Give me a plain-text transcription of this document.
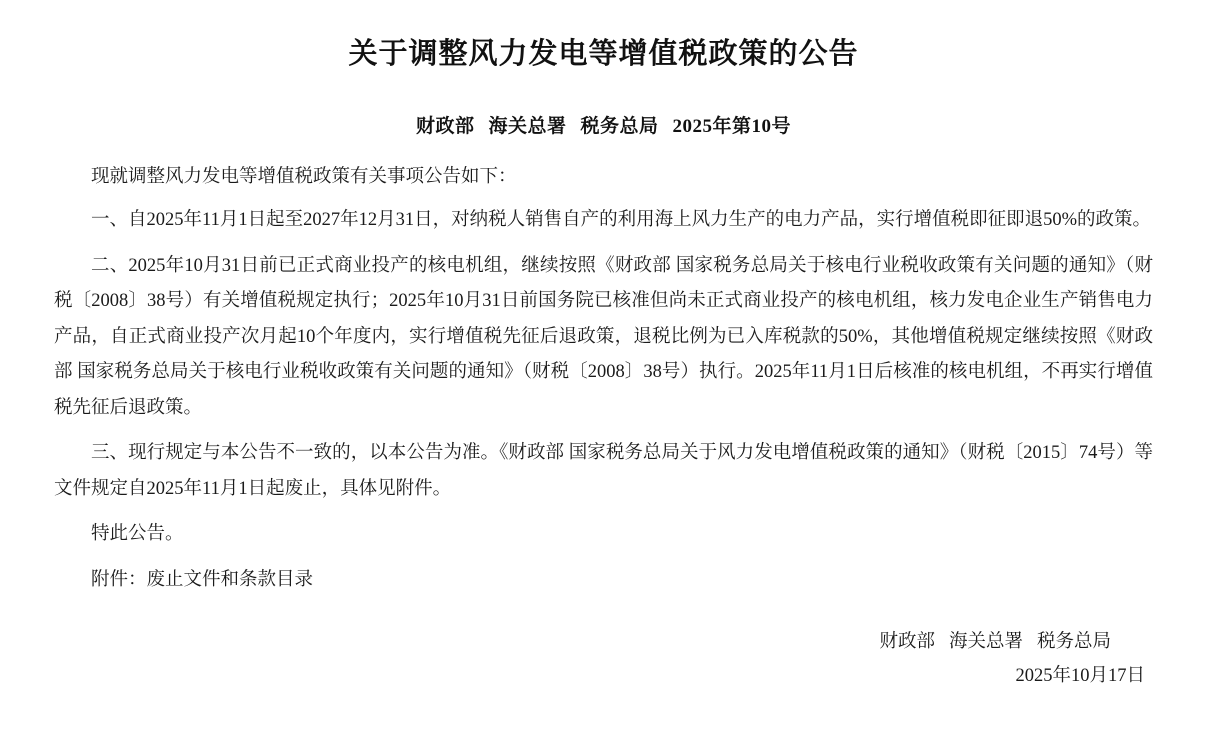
关于调整风力发电等增值税政策的公告
财政部 海关总署 税务总局 2025年第10号

现就调整风力发电等增值税政策有关事项公告如下：

一、自2025年11月1日起至2027年12月31日，对纳税人销售自产的利用海上风力生产的电力产品，实行增值税即征即退50%的政策。

二、2025年10月31日前已正式商业投产的核电机组，继续按照《财政部 国家税务总局关于核电行业税收政策有关问题的通知》（财税〔2008〕38号）有关增值税规定执行；2025年10月31日前国务院已核准但尚未正式商业投产的核电机组，核力发电企业生产销售电力产品，自正式商业投产次月起10个年度内，实行增值税先征后退政策，退税比例为已入库税款的50%，其他增值税规定继续按照《财政部 国家税务总局关于核电行业税收政策有关问题的通知》（财税〔2008〕38号）执行。2025年11月1日后核准的核电机组，不再实行增值税先征后退政策。

三、现行规定与本公告不一致的，以本公告为准。《财政部 国家税务总局关于风力发电增值税政策的通知》（财税〔2015〕74号）等文件规定自2025年11月1日起废止，具体见附件。

特此公告。

附件：废止文件和条款目录

财政部 海关总署 税务总局
2025年10月17日
